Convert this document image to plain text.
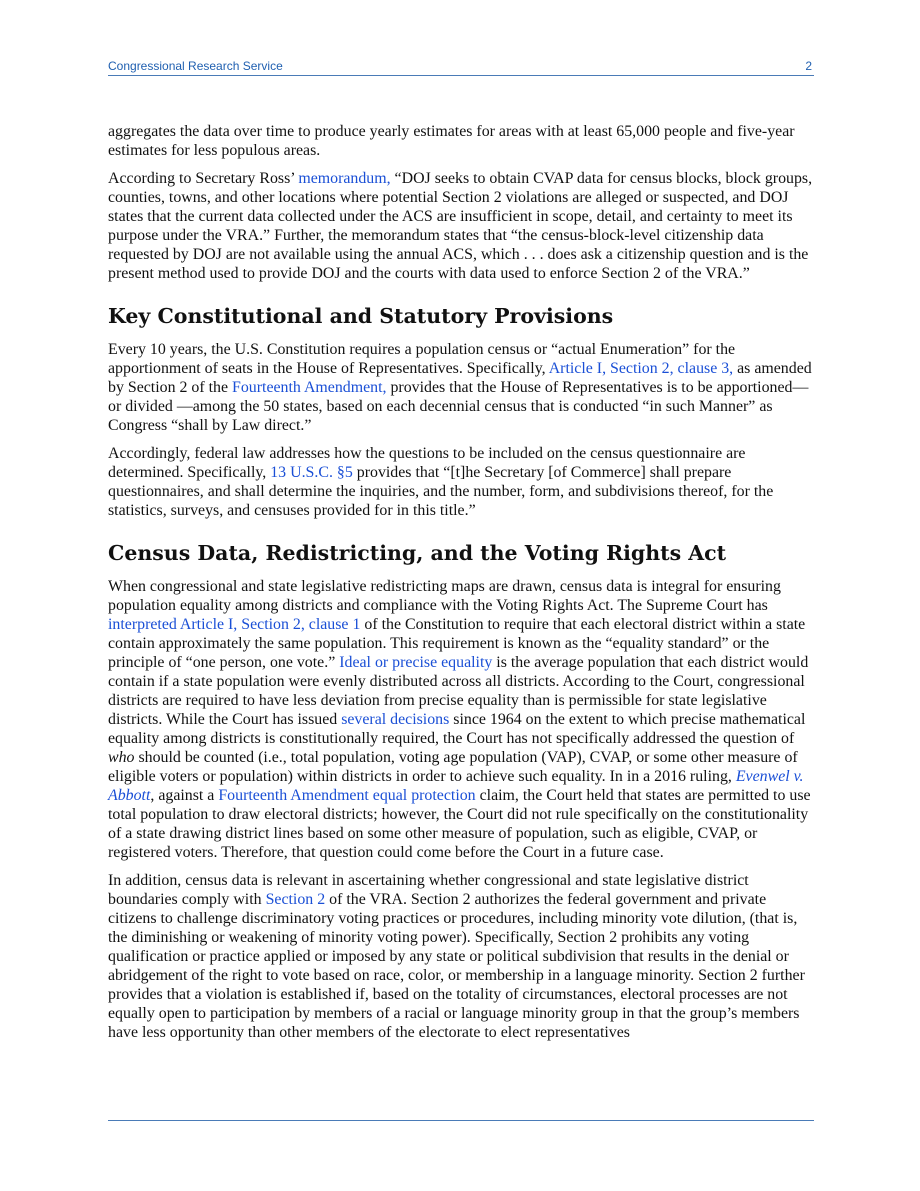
Congressional Research Service	2

aggregates the data over time to produce yearly estimates for areas with at least 65,000 people and five-year estimates for less populous areas.

According to Secretary Ross’ memorandum, “DOJ seeks to obtain CVAP data for census blocks, block groups, counties, towns, and other locations where potential Section 2 violations are alleged or suspected, and DOJ states that the current data collected under the ACS are insufficient in scope, detail, and certainty to meet its purpose under the VRA.” Further, the memorandum states that “the census-block-level citizenship data requested by DOJ are not available using the annual ACS, which . . . does ask a citizenship question and is the present method used to provide DOJ and the courts with data used to enforce Section 2 of the VRA.”

Key Constitutional and Statutory Provisions

Every 10 years, the U.S. Constitution requires a population census or “actual Enumeration” for the apportionment of seats in the House of Representatives. Specifically, Article I, Section 2, clause 3, as amended by Section 2 of the Fourteenth Amendment, provides that the House of Representatives is to be apportioned—or divided —among the 50 states, based on each decennial census that is conducted “in such Manner” as Congress “shall by Law direct.”

Accordingly, federal law addresses how the questions to be included on the census questionnaire are determined. Specifically, 13 U.S.C. §5 provides that “[t]he Secretary [of Commerce] shall prepare questionnaires, and shall determine the inquiries, and the number, form, and subdivisions thereof, for the statistics, surveys, and censuses provided for in this title.”

Census Data, Redistricting, and the Voting Rights Act

When congressional and state legislative redistricting maps are drawn, census data is integral for ensuring population equality among districts and compliance with the Voting Rights Act. The Supreme Court has interpreted Article I, Section 2, clause 1 of the Constitution to require that each electoral district within a state contain approximately the same population. This requirement is known as the “equality standard” or the principle of “one person, one vote.” Ideal or precise equality is the average population that each district would contain if a state population were evenly distributed across all districts. According to the Court, congressional districts are required to have less deviation from precise equality than is permissible for state legislative districts. While the Court has issued several decisions since 1964 on the extent to which precise mathematical equality among districts is constitutionally required, the Court has not specifically addressed the question of who should be counted (i.e., total population, voting age population (VAP), CVAP, or some other measure of eligible voters or population) within districts in order to achieve such equality. In in a 2016 ruling, Evenwel v. Abbott, against a Fourteenth Amendment equal protection claim, the Court held that states are permitted to use total population to draw electoral districts; however, the Court did not rule specifically on the constitutionality of a state drawing district lines based on some other measure of population, such as eligible, CVAP, or registered voters. Therefore, that question could come before the Court in a future case.

In addition, census data is relevant in ascertaining whether congressional and state legislative district boundaries comply with Section 2 of the VRA. Section 2 authorizes the federal government and private citizens to challenge discriminatory voting practices or procedures, including minority vote dilution, (that is, the diminishing or weakening of minority voting power). Specifically, Section 2 prohibits any voting qualification or practice applied or imposed by any state or political subdivision that results in the denial or abridgement of the right to vote based on race, color, or membership in a language minority. Section 2 further provides that a violation is established if, based on the totality of circumstances, electoral processes are not equally open to participation by members of a racial or language minority group in that the group’s members have less opportunity than other members of the electorate to elect representatives
